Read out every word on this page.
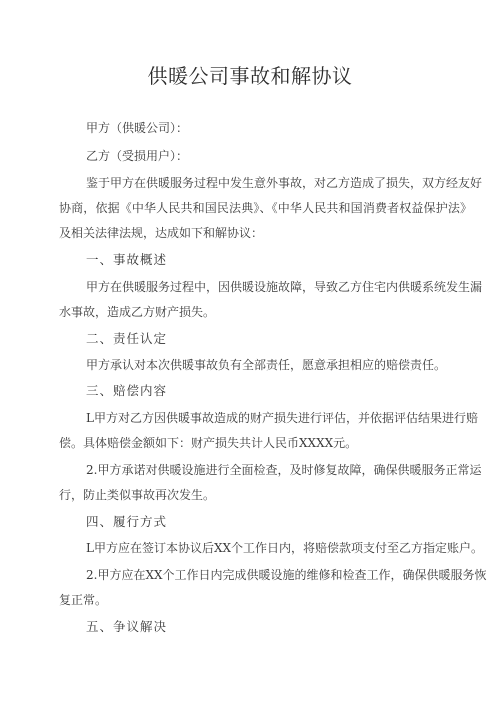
供暖公司事故和解协议
甲方（供暖公司）：
乙方（受损用户）：
鉴于甲方在供暖服务过程中发生意外事故，对乙方造成了损失，双方经友好
协商，依据《中华人民共和国民法典》、《中华人民共和国消费者权益保护法》
及相关法律法规，达成如下和解协议：
一、事故概述
甲方在供暖服务过程中，因供暖设施故障，导致乙方住宅内供暖系统发生漏
水事故，造成乙方财产损失。
二、责任认定
甲方承认对本次供暖事故负有全部责任，愿意承担相应的赔偿责任。
三、赔偿内容
L甲方对乙方因供暖事故造成的财产损失进行评估，并依据评估结果进行赔
偿。具体赔偿金额如下：财产损失共计人民币XXXX元。
2.甲方承诺对供暖设施进行全面检查，及时修复故障，确保供暖服务正常运
行，防止类似事故再次发生。
四、履行方式
L甲方应在签订本协议后XX个工作日内，将赔偿款项支付至乙方指定账户。
2.甲方应在XX个工作日内完成供暖设施的维修和检查工作，确保供暖服务恢
复正常。
五、争议解决
